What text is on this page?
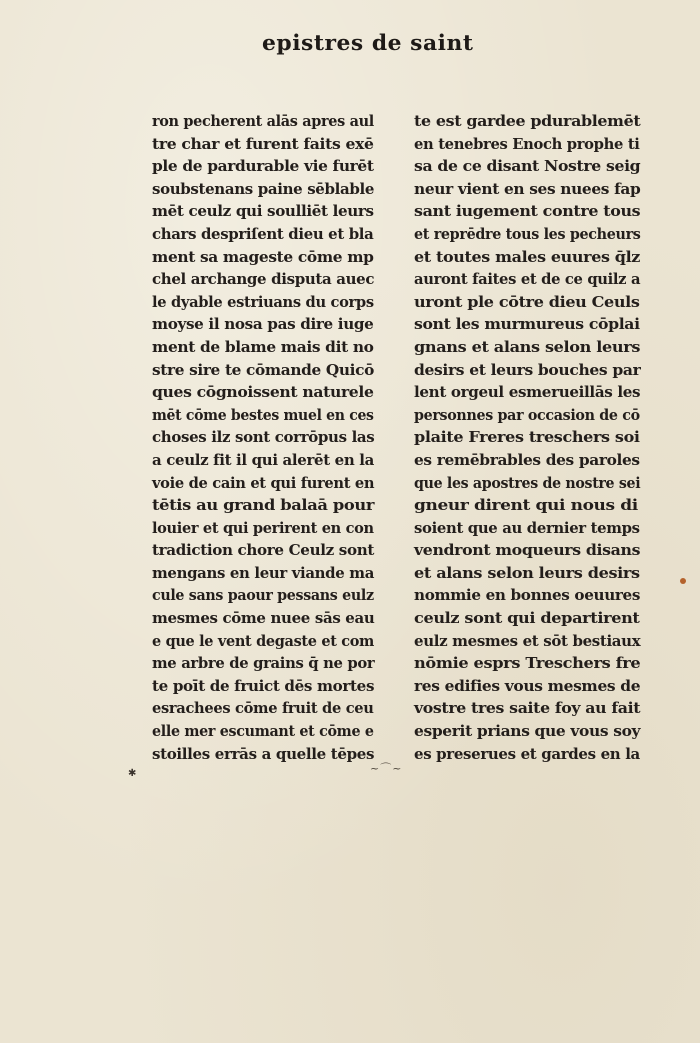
epistres de saint
ron pecherent alās apres aul
tre char et furent faits exē
ple de pardurable vie furēt
soubstenans paine sēblable
mēt ceulz qui soulliēt leurs
chars despriſent dieu et bla
ment sa mageste cōme mp
chel archange disputa auec
le dyable estriuans du corps
moyse il nosa pas dire iuge
ment de blame mais dit no
stre sire te cōmande Quicō
ques cōgnoissent naturele
mēt cōme bestes muel en ces
choses ilz sont corrōpus las
a ceulz fit il qui alerēt en la
voie de cain et qui furent en
tētis au grand balaā pour
louier et qui perirent en con
tradiction chore Ceulz sont
mengans en leur viande ma
cule sans paour pessans eulz
mesmes cōme nuee sās eau
e que le vent degaste et com
me arbre de grains q̄ ne por
te poīt de fruict dēs mortes
esrachees cōme fruit de ceu
elle mer escumant et cōme e
stoilles errās a quelle tēpes
te est gardee pdurablemēt
en tenebres Enoch prophe ti
sa de ce disant Nostre seig
neur vient en ses nuees fap
sant iugement contre tous
et reprēdre tous les pecheurs
et toutes males euures q̄lz
auront faites et de ce quilz a
uront ple cōtre dieu Ceuls
sont les murmureus cōplai
gnans et alans selon leurs
desirs et leurs bouches par
lent orgeul esmerueillās les
personnes par occasion de cō
plaite Freres treschers soi
es remēbrables des paroles
que les apostres de nostre sei
gneur dirent qui nous di
soient que au dernier temps
vendront moqueurs disans
et alans selon leurs desirs
nommie en bonnes oeuures
ceulz sont qui departirent
eulz mesmes et sōt bestiaux
nōmie esprs Treschers fre
res edifies vous mesmes de
vostre tres saite foy au fait
esperit prians que vous soy
es preserues et gardes en la
✱	~⌒~
